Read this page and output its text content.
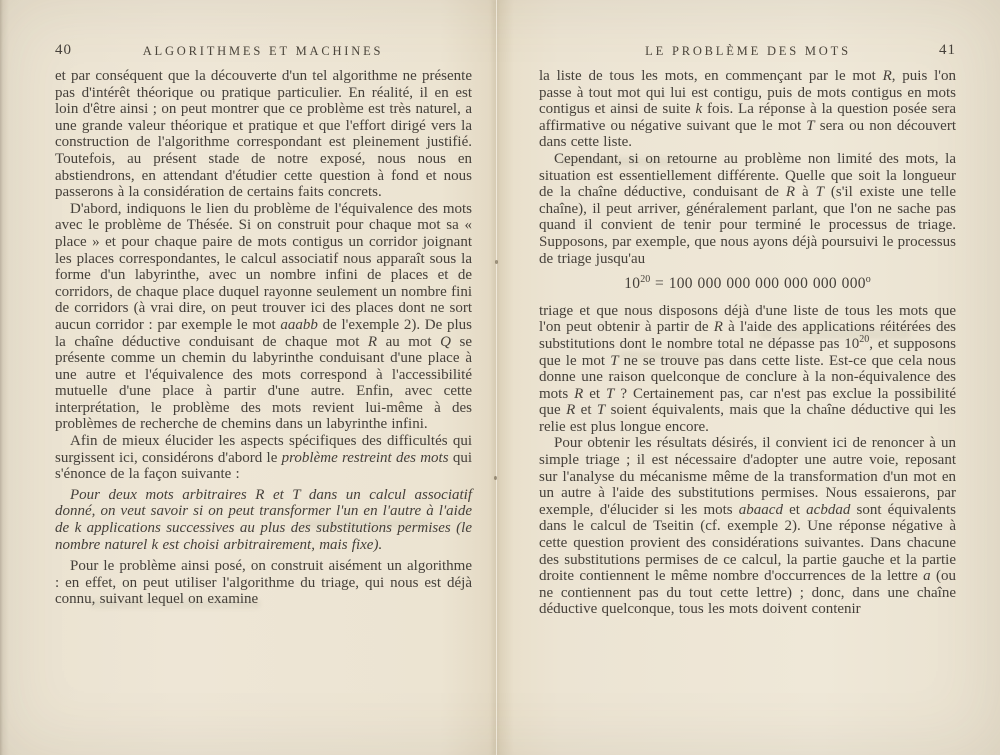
40	ALGORITHMES ET MACHINES

et par conséquent que la découverte d'un tel algorithme ne présente pas d'intérêt théorique ou pratique particulier. En réalité, il en est loin d'être ainsi ; on peut montrer que ce problème est très naturel, a une grande valeur théorique et pratique et que l'effort dirigé vers la construction de l'algorithme correspondant est pleinement justifié. Toutefois, au présent stade de notre exposé, nous nous en abstiendrons, en attendant d'étudier cette question à fond et nous passerons à la considération de certains faits concrets.

D'abord, indiquons le lien du problème de l'équivalence des mots avec le problème de Thésée. Si on construit pour chaque mot sa « place » et pour chaque paire de mots contigus un corridor joignant les places correspondantes, le calcul associatif nous apparaît sous la forme d'un labyrinthe, avec un nombre infini de places et de corridors, de chaque place duquel rayonne seulement un nombre fini de corridors (à vrai dire, on peut trouver ici des places dont ne sort aucun corridor : par exemple le mot aaabb de l'exemple 2). De plus la chaîne déductive conduisant de chaque mot R au mot Q se présente comme un chemin du labyrinthe conduisant d'une place à une autre et l'équivalence des mots correspond à l'accessibilité mutuelle d'une place à partir d'une autre. Enfin, avec cette interprétation, le problème des mots revient lui-même à des problèmes de recherche de chemins dans un labyrinthe infini.

Afin de mieux élucider les aspects spécifiques des difficultés qui surgissent ici, considérons d'abord le problème restreint des mots qui s'énonce de la façon suivante :

Pour deux mots arbitraires R et T dans un calcul associatif donné, on veut savoir si on peut transformer l'un en l'autre à l'aide de k applications successives au plus des substitutions permises (le nombre naturel k est choisi arbitrairement, mais fixe).

Pour le problème ainsi posé, on construit aisément un algorithme : en effet, on peut utiliser l'algorithme du triage, qui nous est déjà connu, suivant lequel on examine

LE PROBLÈME DES MOTS	41

la liste de tous les mots, en commençant par le mot R, puis l'on passe à tout mot qui lui est contigu, puis de mots contigus en mots contigus et ainsi de suite k fois. La réponse à la question posée sera affirmative ou négative suivant que le mot T sera ou non découvert dans cette liste.

Cependant, si on retourne au problème non limité des mots, la situation est essentiellement différente. Quelle que soit la longueur de la chaîne déductive, conduisant de R à T (s'il existe une telle chaîne), il peut arriver, généralement parlant, que l'on ne sache pas quand il convient de tenir pour terminé le processus de triage. Supposons, par exemple, que nous ayons déjà poursuivi le processus de triage jusqu'au

$10^{20} = 100$ 000 000 000 000 000 000$^o$

triage et que nous disposons déjà d'une liste de tous les mots que l'on peut obtenir à partir de R à l'aide des applications réitérées des substitutions dont le nombre total ne dépasse pas $10^{20}$, et supposons que le mot T ne se trouve pas dans cette liste. Est-ce que cela nous donne une raison quelconque de conclure à la non-équivalence des mots R et T ? Certainement pas, car n'est pas exclue la possibilité que R et T soient équivalents, mais que la chaîne déductive qui les relie est plus longue encore.

Pour obtenir les résultats désirés, il convient ici de renoncer à un simple triage ; il est nécessaire d'adopter une autre voie, reposant sur l'analyse du mécanisme même de la transformation d'un mot en un autre à l'aide des substitutions permises. Nous essaierons, par exemple, d'élucider si les mots abaacd et acbdad sont équivalents dans le calcul de Tseitin (cf. exemple 2). Une réponse négative à cette question provient des considérations suivantes. Dans chacune des substitutions permises de ce calcul, la partie gauche et la partie droite contiennent le même nombre d'occurrences de la lettre a (ou ne contiennent pas du tout cette lettre) ; donc, dans une chaîne déductive quelconque, tous les mots doivent contenir
